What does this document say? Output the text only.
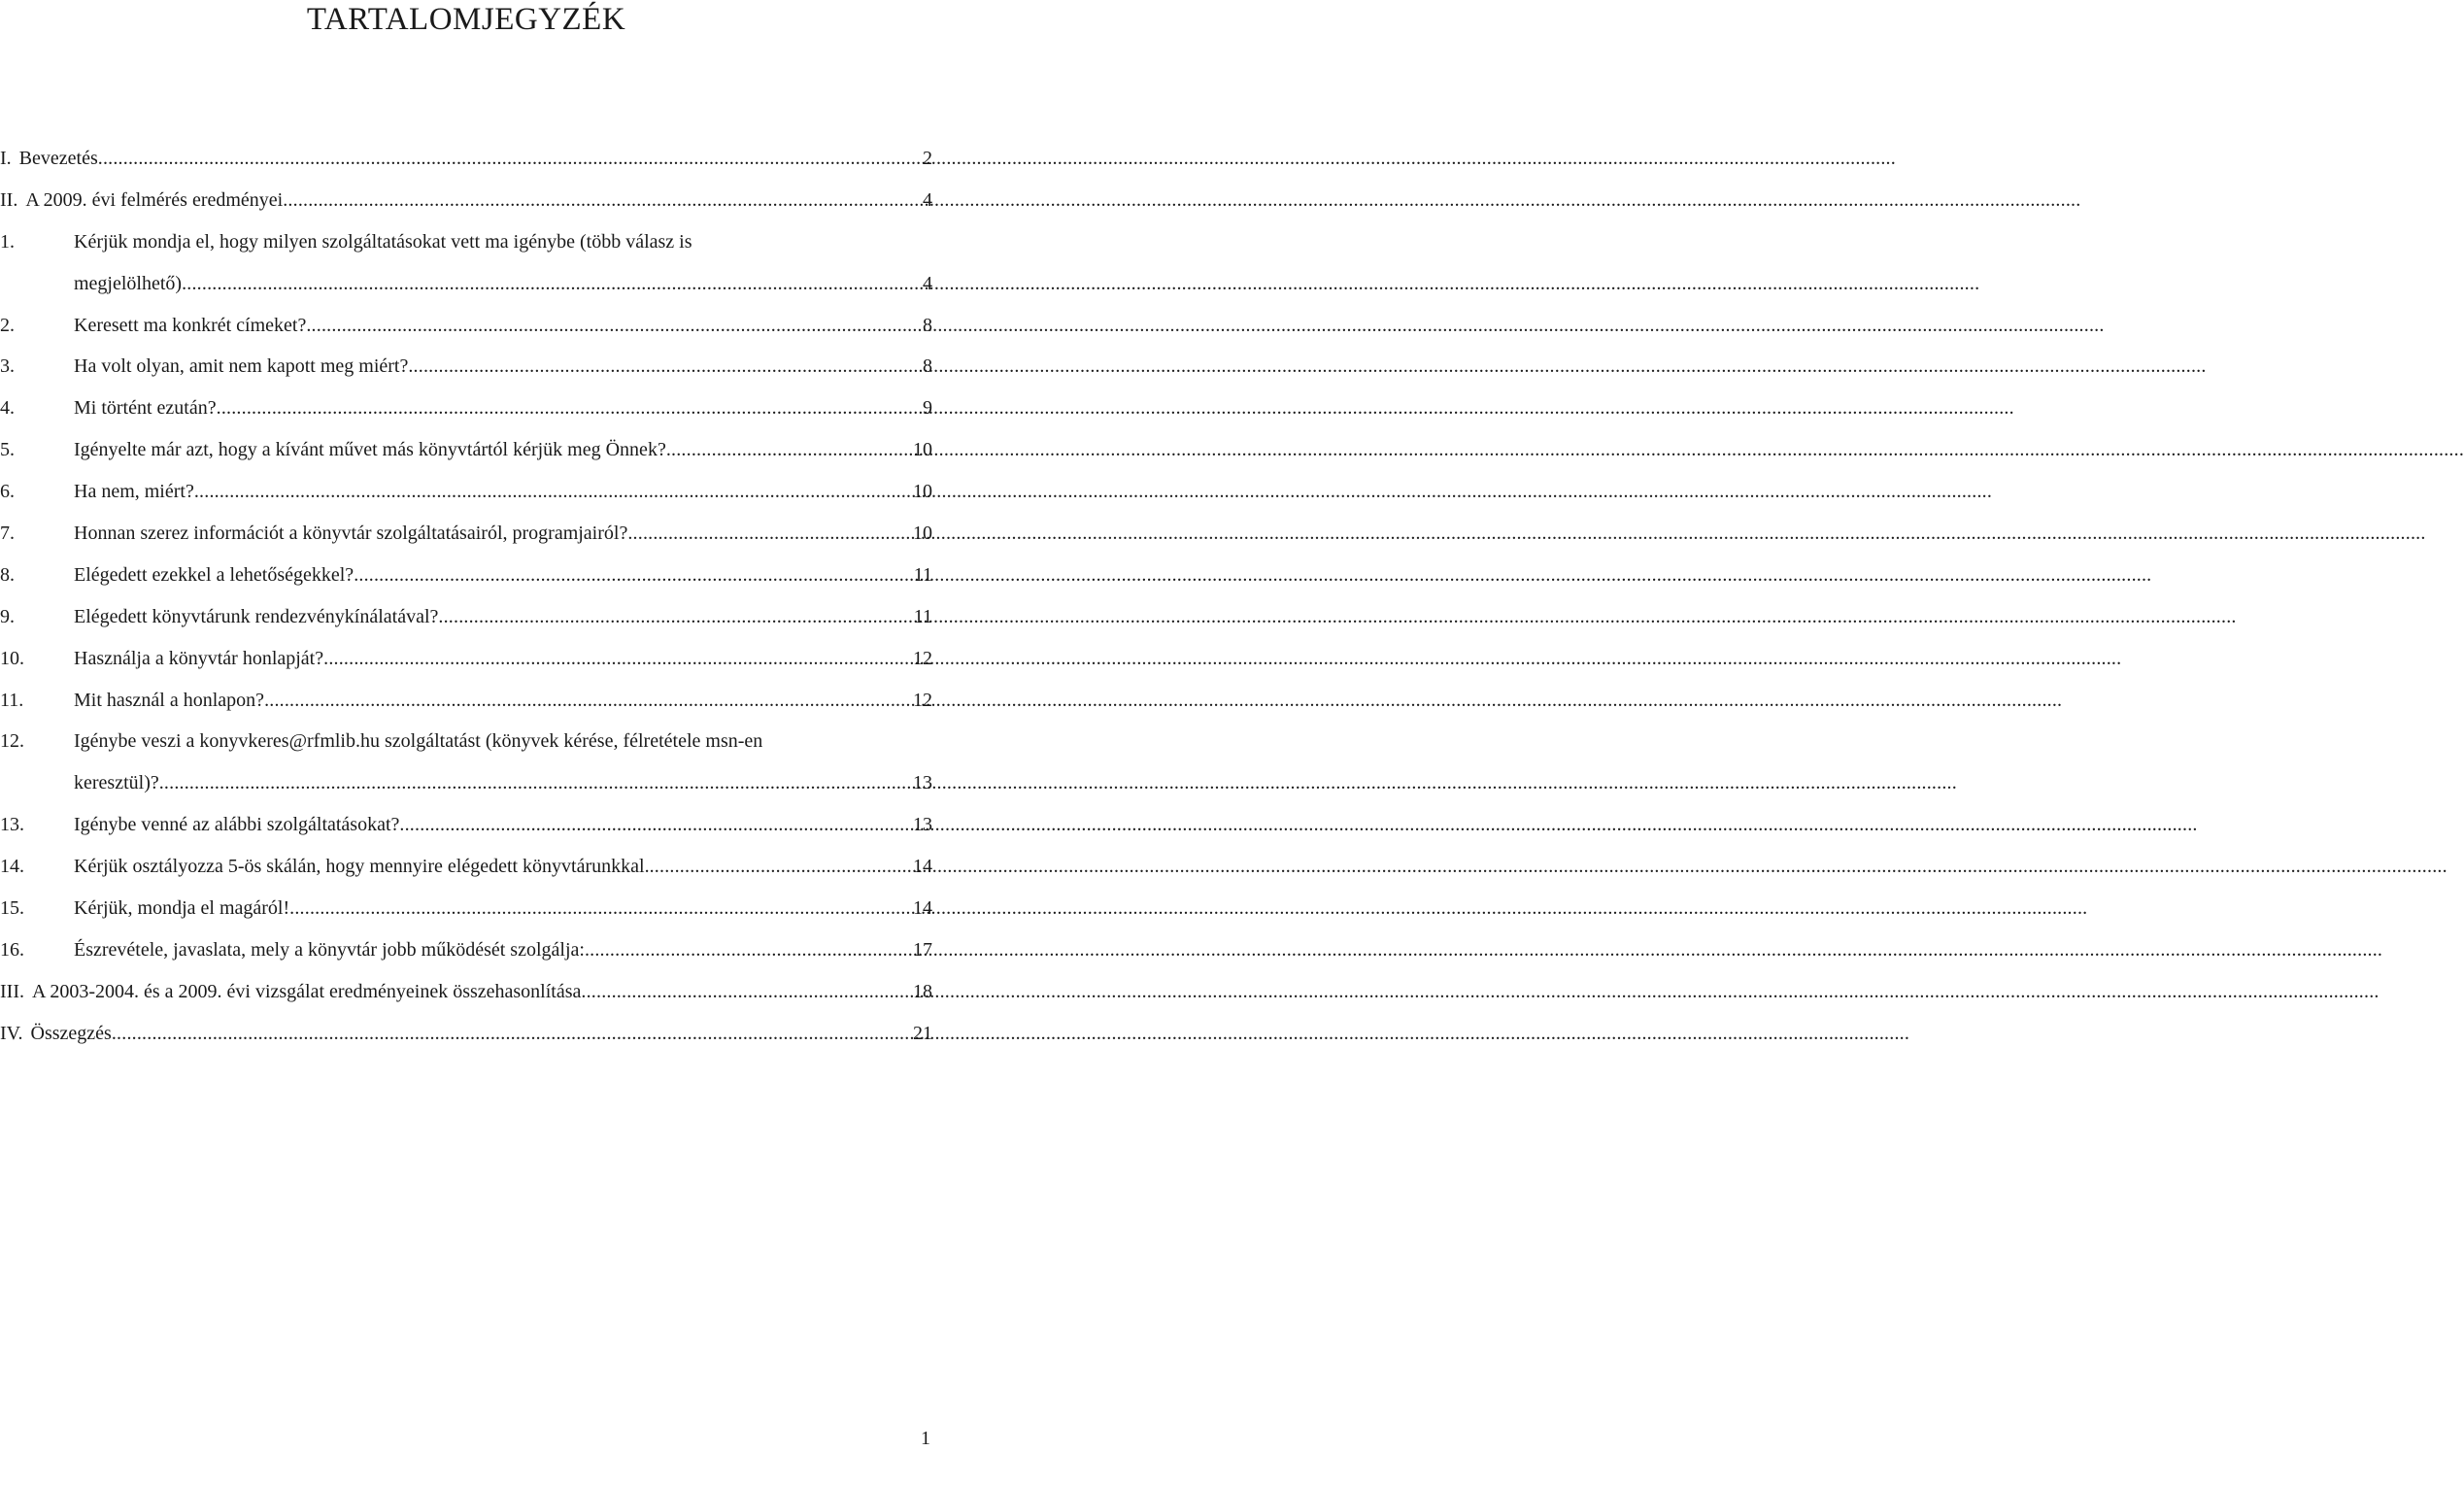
TARTALOMJEGYZÉK
I. Bevezetés .....	2
II. A 2009. évi felmérés eredményei .....	4
1.	Kérjük mondja el, hogy milyen szolgáltatásokat vett ma igénybe (több válasz is
megjelölhető) .....	4
2.	Keresett ma konkrét címeket? .....	8
3.	Ha volt olyan, amit nem kapott meg miért? .....	8
4.	Mi történt ezután? .....	9
5.	Igényelte már azt, hogy a kívánt művet más könyvtártól kérjük meg Önnek? .....	10
6.	Ha nem, miért? .....	10
7.	Honnan szerez információt a könyvtár szolgáltatásairól, programjairól? .....	10
8.	Elégedett ezekkel a lehetőségekkel? .....	11
9.	Elégedett könyvtárunk rendezvénykínálatával? .....	11
10.	Használja a könyvtár honlapját? .....	12
11.	Mit használ a honlapon? .....	12
12.	Igénybe veszi a konyvkeres@rfmlib.hu szolgáltatást (könyvek kérése, félretétele msn-en
keresztül)? .....	13
13.	Igénybe venné az alábbi szolgáltatásokat? .....	13
14.	Kérjük osztályozza 5-ös skálán, hogy mennyire elégedett könyvtárunkkal. .....	14
15.	Kérjük, mondja el magáról! .....	14
16.	Észrevétele, javaslata, mely a könyvtár jobb működését szolgálja: .....	17
III. A 2003-2004. és a 2009. évi vizsgálat eredményeinek összehasonlítása .....	18
IV. Összegzés .....	21
1
